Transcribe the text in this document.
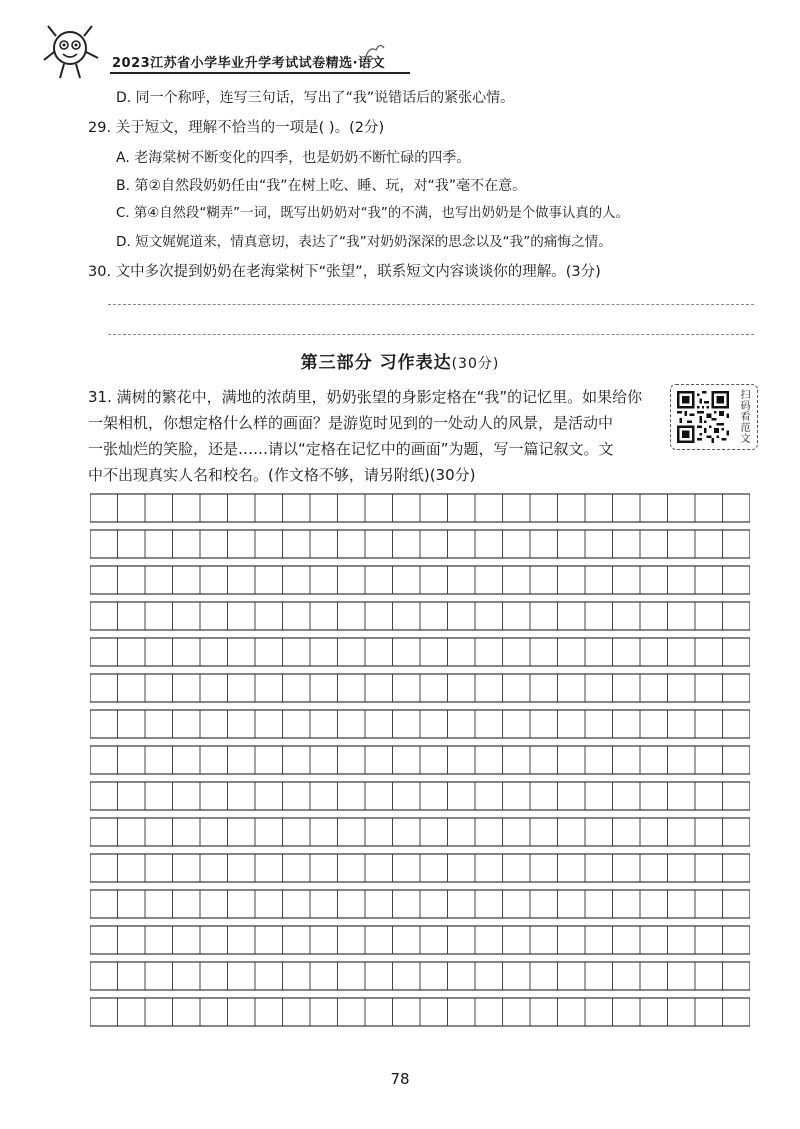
2023江苏省小学毕业升学考试试卷精选·语文
D. 同一个称呼，连写三句话，写出了“我”说错话后的紧张心情。
29. 关于短文，理解不恰当的一项是( )。(2分)
A. 老海棠树不断变化的四季，也是奶奶不断忙碌的四季。
B. 第②自然段奶奶任由“我”在树上吃、睡、玩，对“我”毫不在意。
C. 第④自然段“糊弄”一词，既写出奶奶对“我”的不满，也写出奶奶是个做事认真的人。
D. 短文娓娓道来，情真意切，表达了“我”对奶奶深深的思念以及“我”的痛悔之情。
30. 文中多次提到奶奶在老海棠树下“张望”，联系短文内容谈谈你的理解。(3分)
第三部分 习作表达(30分)
31. 满树的繁花中，满地的浓荫里，奶奶张望的身影定格在“我”的记忆里。如果给你
一架相机，你想定格什么样的画面？是游览时见到的一处动人的风景，是活动中
一张灿烂的笑脸，还是……请以“定格在记忆中的画面”为题，写一篇记叙文。文
中不出现真实人名和校名。(作文格不够，请另附纸)(30分)
扫码看范文
78
